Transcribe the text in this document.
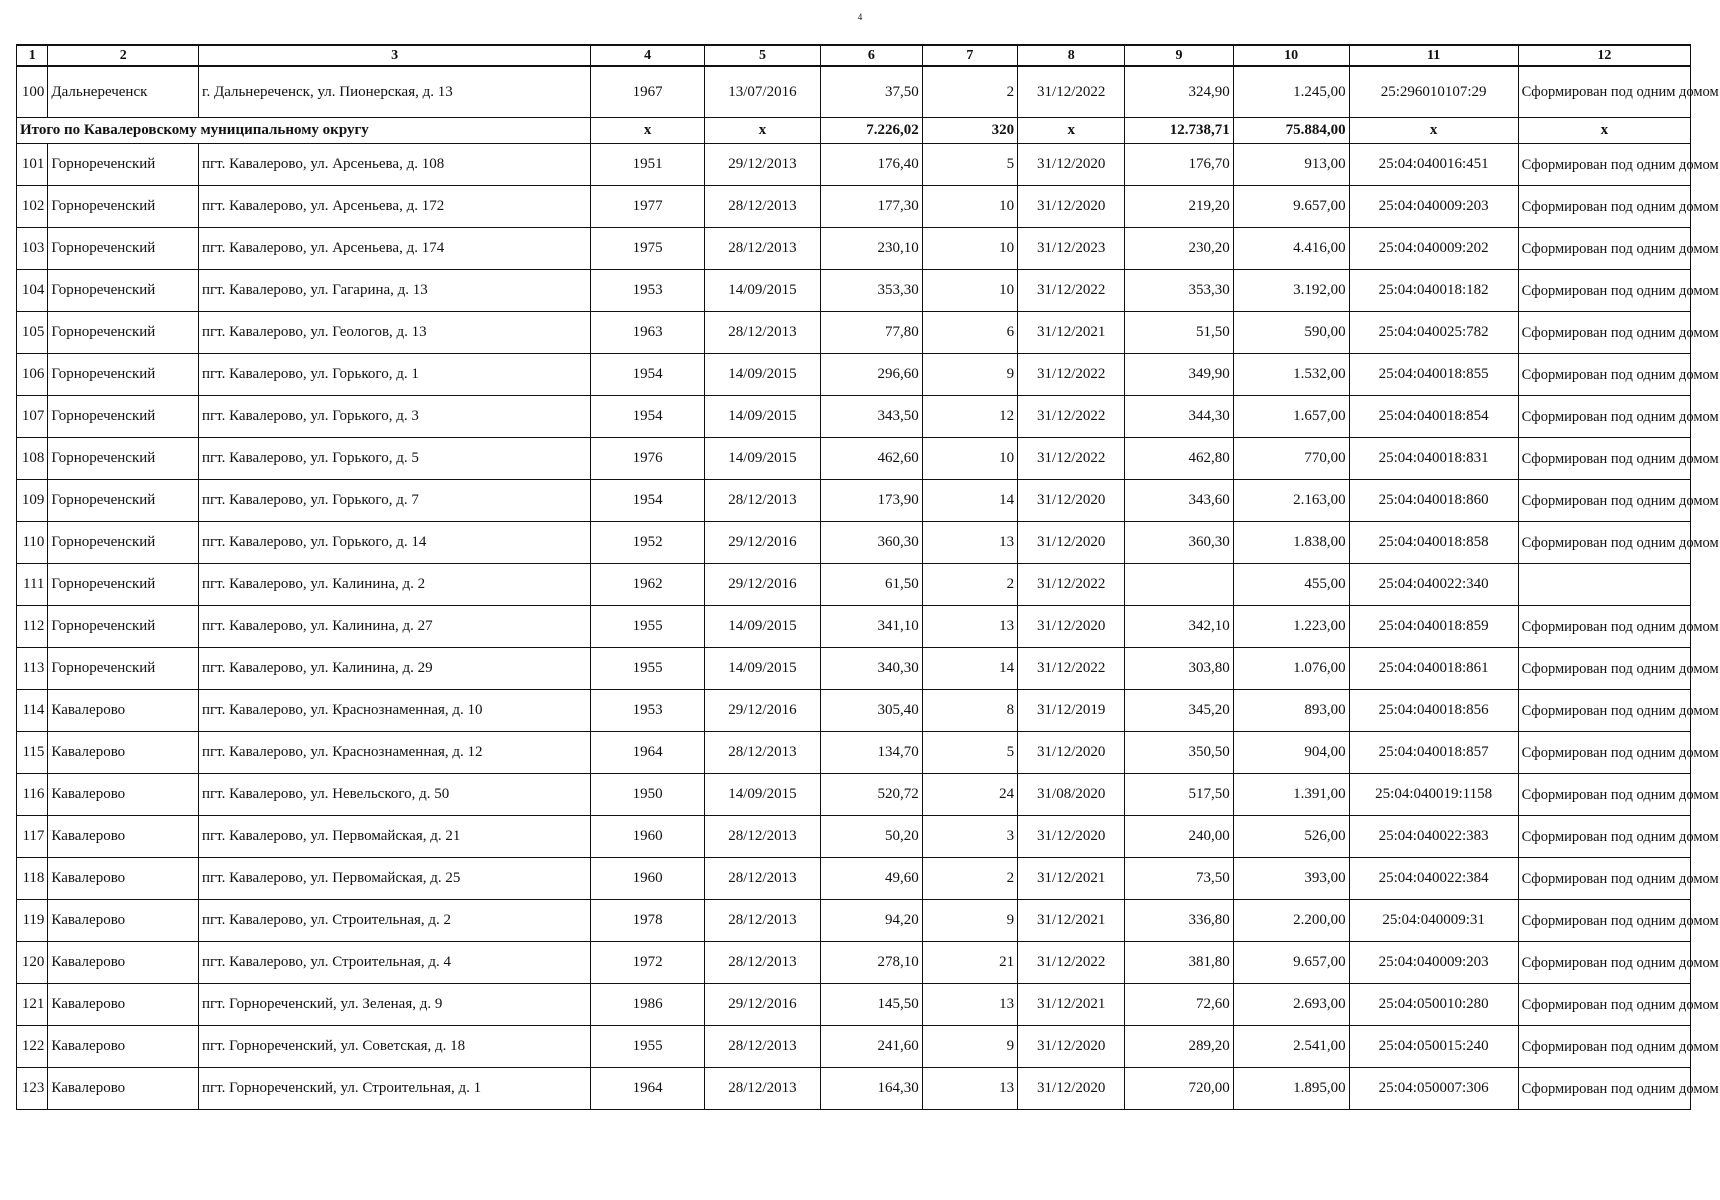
4
1	2	3	4	5	6	7	8	9	10	11	12
100	Дальнереченск	г. Дальнереченск, ул. Пионерская, д. 13	1967	13/07/2016	37,50	2	31/12/2022	324,90	1.245,00	25:296010107:29	Сформирован под одним домом
Итого по Кавалеровскому муниципальному округу			х	х	7.226,02	320	х	12.738,71	75.884,00	х	х
101	Горнореченский	пгт. Кавалерово, ул. Арсеньева, д. 108	1951	29/12/2013	176,40	5	31/12/2020	176,70	913,00	25:04:040016:451	Сформирован под одним домом
102	Горнореченский	пгт. Кавалерово, ул. Арсеньева, д. 172	1977	28/12/2013	177,30	10	31/12/2020	219,20	9.657,00	25:04:040009:203	Сформирован под одним домом
103	Горнореченский	пгт. Кавалерово, ул. Арсеньева, д. 174	1975	28/12/2013	230,10	10	31/12/2023	230,20	4.416,00	25:04:040009:202	Сформирован под одним домом
104	Горнореченский	пгт. Кавалерово, ул. Гагарина, д. 13	1953	14/09/2015	353,30	10	31/12/2022	353,30	3.192,00	25:04:040018:182	Сформирован под одним домом
105	Горнореченский	пгт. Кавалерово, ул. Геологов, д. 13	1963	28/12/2013	77,80	6	31/12/2021	51,50	590,00	25:04:040025:782	Сформирован под одним домом
106	Горнореченский	пгт. Кавалерово, ул. Горького, д. 1	1954	14/09/2015	296,60	9	31/12/2022	349,90	1.532,00	25:04:040018:855	Сформирован под одним домом
107	Горнореченский	пгт. Кавалерово, ул. Горького, д. 3	1954	14/09/2015	343,50	12	31/12/2022	344,30	1.657,00	25:04:040018:854	Сформирован под одним домом
108	Горнореченский	пгт. Кавалерово, ул. Горького, д. 5	1976	14/09/2015	462,60	10	31/12/2022	462,80	770,00	25:04:040018:831	Сформирован под одним домом
109	Горнореченский	пгт. Кавалерово, ул. Горького, д. 7	1954	28/12/2013	173,90	14	31/12/2020	343,60	2.163,00	25:04:040018:860	Сформирован под одним домом
110	Горнореченский	пгт. Кавалерово, ул. Горького, д. 14	1952	29/12/2016	360,30	13	31/12/2020	360,30	1.838,00	25:04:040018:858	Сформирован под одним домом
111	Горнореченский	пгт. Кавалерово, ул. Калинина, д. 2	1962	29/12/2016	61,50	2	31/12/2022		455,00	25:04:040022:340	
112	Горнореченский	пгт. Кавалерово, ул. Калинина, д. 27	1955	14/09/2015	341,10	13	31/12/2020	342,10	1.223,00	25:04:040018:859	Сформирован под одним домом
113	Горнореченский	пгт. Кавалерово, ул. Калинина, д. 29	1955	14/09/2015	340,30	14	31/12/2022	303,80	1.076,00	25:04:040018:861	Сформирован под одним домом
114	Кавалерово	пгт. Кавалерово, ул. Краснознаменная, д. 10	1953	29/12/2016	305,40	8	31/12/2019	345,20	893,00	25:04:040018:856	Сформирован под одним домом
115	Кавалерово	пгт. Кавалерово, ул. Краснознаменная, д. 12	1964	28/12/2013	134,70	5	31/12/2020	350,50	904,00	25:04:040018:857	Сформирован под одним домом
116	Кавалерово	пгт. Кавалерово, ул. Невельского, д. 50	1950	14/09/2015	520,72	24	31/08/2020	517,50	1.391,00	25:04:040019:1158	Сформирован под одним домом
117	Кавалерово	пгт. Кавалерово, ул. Первомайская, д. 21	1960	28/12/2013	50,20	3	31/12/2020	240,00	526,00	25:04:040022:383	Сформирован под одним домом
118	Кавалерово	пгт. Кавалерово, ул. Первомайская, д. 25	1960	28/12/2013	49,60	2	31/12/2021	73,50	393,00	25:04:040022:384	Сформирован под одним домом
119	Кавалерово	пгт. Кавалерово, ул. Строительная, д. 2	1978	28/12/2013	94,20	9	31/12/2021	336,80	2.200,00	25:04:040009:31	Сформирован под одним домом
120	Кавалерово	пгт. Кавалерово, ул. Строительная, д. 4	1972	28/12/2013	278,10	21	31/12/2022	381,80	9.657,00	25:04:040009:203	Сформирован под одним домом
121	Кавалерово	пгт. Горнореченский, ул. Зеленая, д. 9	1986	29/12/2016	145,50	13	31/12/2021	72,60	2.693,00	25:04:050010:280	Сформирован под одним домом
122	Кавалерово	пгт. Горнореченский, ул. Советская, д. 18	1955	28/12/2013	241,60	9	31/12/2020	289,20	2.541,00	25:04:050015:240	Сформирован под одним домом
123	Кавалерово	пгт. Горнореченский, ул. Строительная, д. 1	1964	28/12/2013	164,30	13	31/12/2020	720,00	1.895,00	25:04:050007:306	Сформирован под одним домом
